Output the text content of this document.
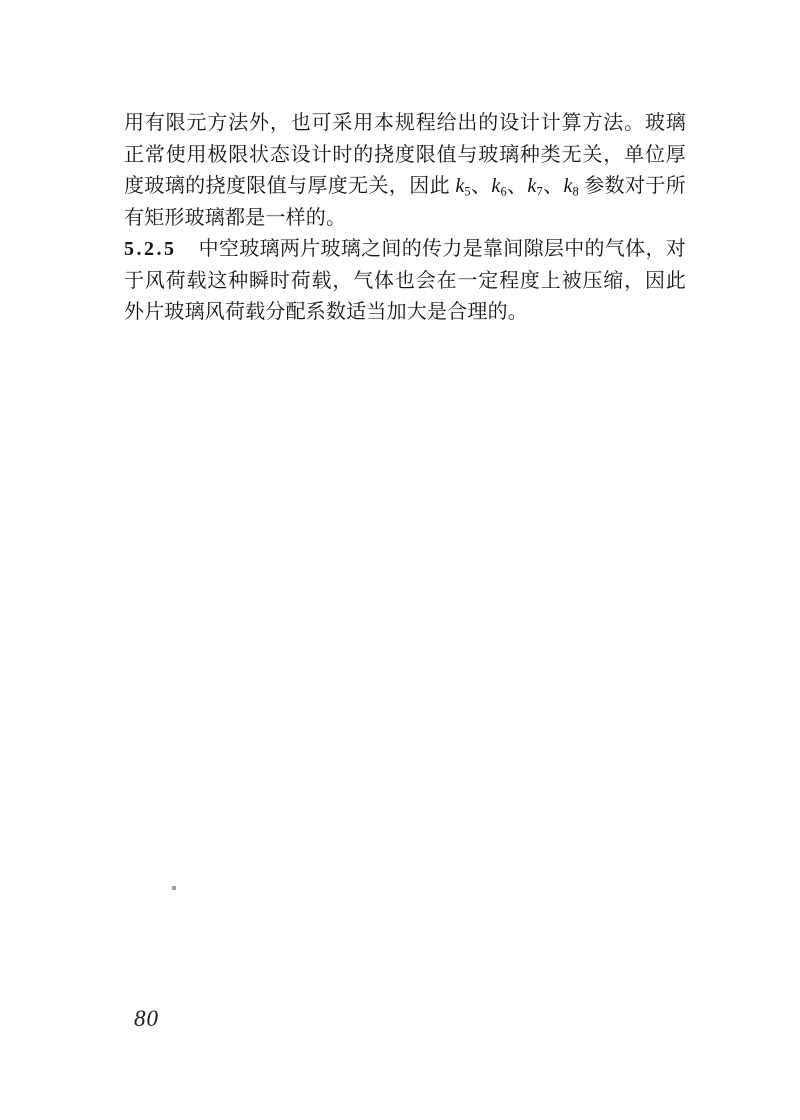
用有限元方法外，也可采用本规程给出的设计计算方法。玻璃正常使用极限状态设计时的挠度限值与玻璃种类无关，单位厚度玻璃的挠度限值与厚度无关，因此 $k_5$、$k_6$、$k_7$、$k_8$ 参数对于所有矩形玻璃都是一样的。

5.2.5 中空玻璃两片玻璃之间的传力是靠间隙层中的气体，对于风荷载这种瞬时荷载，气体也会在一定程度上被压缩，因此外片玻璃风荷载分配系数适当加大是合理的。

80
